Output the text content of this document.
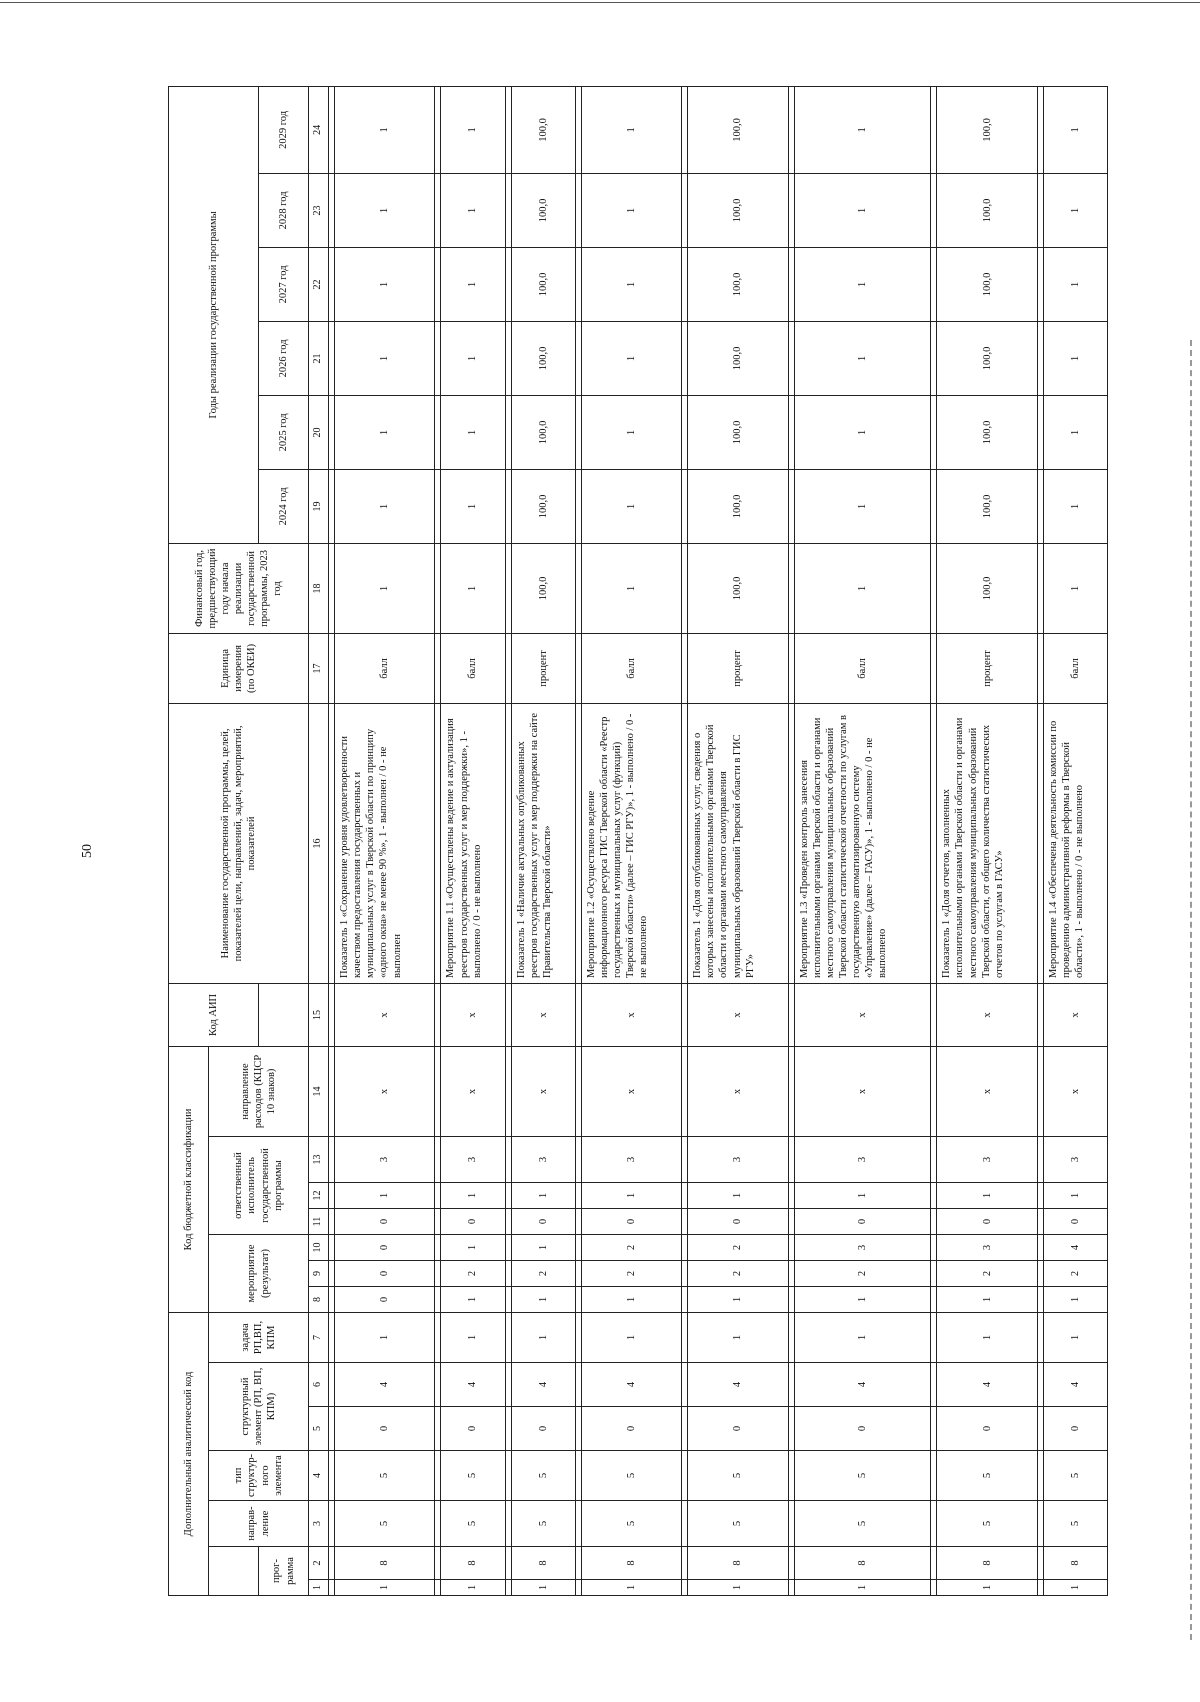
50
Дополнительный аналитический код							Код бюджетной классификации							Код АИП	Наименование государственной программы, целей, показателей цели, направлений, задач, мероприятий, показателей	Единица измерения (по ОКЕИ)	Финансовый год, предшествующий году начала реализации государственной программы, 2023 год	Годы реализации государственной программы					
		направ-ление	тип структур-ного элемента	структурный элемент (РП, ВП, КПМ)		задача РП,ВП, КПМ	мероприятие (результат)			ответственный исполнитель государственной программы			направление расходов (КЦСР 10 знаков)										
прог-рамма																		2024 год	2025 год	2026 год	2027 год	2028 год	2029 год
1	2	3	4	5	6	7	8	9	10	11	12	13	14	15	16	17	18	19	20	21	22	23	24

1	8	5	5	0	4	1	0	0	0	0	1	3	х	х	Показатель 1 «Сохранение уровня удовлетворенности качеством предоставления государственных и муниципальных услуг в Тверской области по принципу «одного окна» не менее 90 %», 1 - выполнен / 0 - не выполнен	балл	1	1	1	1	1	1	1

1	8	5	5	0	4	1	1	2	1	0	1	3	х	х	Мероприятие 1.1 «Осуществлены ведение и актуализация реестров государственных услуг и мер поддержки», 1 - выполнено / 0 - не выполнено	балл	1	1	1	1	1	1	1

1	8	5	5	0	4	1	1	2	1	0	1	3	х	х	Показатель 1 «Наличие актуальных опубликованных реестров государственных услуг и мер поддержки на сайте Правительства Тверской области»	процент	100,0	100,0	100,0	100,0	100,0	100,0	100,0

1	8	5	5	0	4	1	1	2	2	0	1	3	х	х	Мероприятие 1.2 «Осуществлено ведение информационного ресурса ГИС Тверской области «Реестр государственных и муниципальных услуг (функций) Тверской области» (далее – ГИС РГУ)», 1 - выполнено / 0 - не выполнено	балл	1	1	1	1	1	1	1

1	8	5	5	0	4	1	1	2	2	0	1	3	х	х	Показатель 1 «Доля опубликованных услуг, сведения о которых занесены исполнительными органами Тверской области и органами местного самоуправления муниципальных образований Тверской области в ГИС РГУ»	процент	100,0	100,0	100,0	100,0	100,0	100,0	100,0

1	8	5	5	0	4	1	1	2	3	0	1	3	х	х	Мероприятие 1.3 «Проведен контроль занесения исполнительными органами Тверской области и органами местного самоуправления муниципальных образований Тверской области статистической отчетности по услугам в государственную автоматизированную систему «Управление» (далее – ГАСУ)», 1 - выполнено / 0 - не выполнено	балл	1	1	1	1	1	1	1

1	8	5	5	0	4	1	1	2	3	0	1	3	х	х	Показатель 1 «Доля отчетов, заполненных исполнительными органами Тверской области и органами местного самоуправления муниципальных образований Тверской области, от общего количества статистических отчетов по услугам в ГАСУ»	процент	100,0	100,0	100,0	100,0	100,0	100,0	100,0

1	8	5	5	0	4	1	1	2	4	0	1	3	х	х	Мероприятие 1.4 «Обеспечена деятельность комиссии по проведению административной реформы в Тверской области», 1 - выполнено / 0 - не выполнено	балл	1	1	1	1	1	1	1
